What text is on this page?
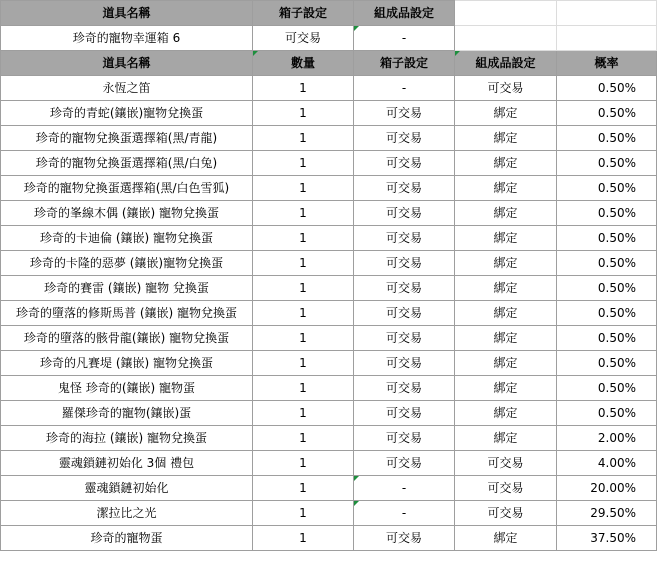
道具名稱	箱子設定	組成品設定		
珍奇的寵物幸運箱 6	可交易	-		
道具名稱	數量	箱子設定	組成品設定	概率
永恆之笛	1	-	可交易	0.50%
珍奇的青蛇(鑲嵌)寵物兌換蛋	1	可交易	綁定	0.50%
珍奇的寵物兌換蛋選擇箱(黑/青龍)	1	可交易	綁定	0.50%
珍奇的寵物兌換蛋選擇箱(黑/白兔)	1	可交易	綁定	0.50%
珍奇的寵物兌換蛋選擇箱(黑/白色雪狐)	1	可交易	綁定	0.50%
珍奇的峯線木偶 (鑲嵌) 寵物兌換蛋	1	可交易	綁定	0.50%
珍奇的卡迪倫 (鑲嵌) 寵物兌換蛋	1	可交易	綁定	0.50%
珍奇的卡隆的惡夢 (鑲嵌)寵物兌換蛋	1	可交易	綁定	0.50%
珍奇的賽雷 (鑲嵌) 寵物 兌換蛋	1	可交易	綁定	0.50%
珍奇的墮落的修斯馬普 (鑲嵌) 寵物兌換蛋	1	可交易	綁定	0.50%
珍奇的墮落的骸骨龍(鑲嵌) 寵物兌換蛋	1	可交易	綁定	0.50%
珍奇的凡賽堤 (鑲嵌) 寵物兌換蛋	1	可交易	綁定	0.50%
鬼怪 珍奇的(鑲嵌) 寵物蛋	1	可交易	綁定	0.50%
羅傑珍奇的寵物(鑲嵌)蛋	1	可交易	綁定	0.50%
珍奇的海拉 (鑲嵌) 寵物兌換蛋	1	可交易	綁定	2.00%
靈魂鎖鏈初始化 3個 禮包	1	可交易	可交易	4.00%
靈魂鎖鏈初始化	1	-	可交易	20.00%
潔拉比之光	1	-	可交易	29.50%
珍奇的寵物蛋	1	可交易	綁定	37.50%
